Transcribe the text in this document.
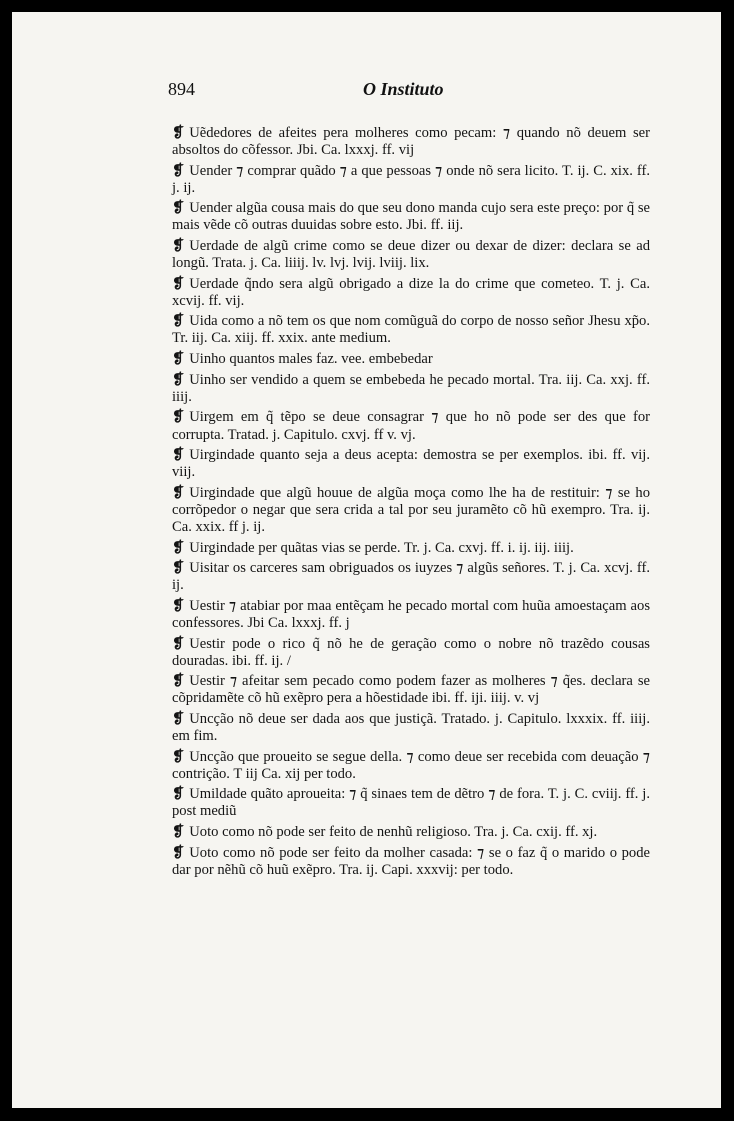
894	O Instituto

❡ Uẽdedores de afeites pera molheres como pecam: ⁊ quando nõ deuem ser absoltos do cõfessor. Jbi. Ca. lxxxj. ff. vij

❡ Uender ⁊ comprar quãdo ⁊ a que pessoas ⁊ onde nõ sera licito. T. ij. C. xix. ff. j. ij.

❡ Uender algũa cousa mais do que seu dono manda cujo sera este preço: por q̃ se mais vẽde cõ outras duuidas sobre esto. Jbi. ff. iij.

❡ Uerdade de algũ crime como se deue dizer ou dexar de dizer: declara se ad longũ. Trata. j. Ca. liiij. lv. lvj. lvij. lviij. lix.

❡ Uerdade q̃ndo sera algũ obrigado a dize la do crime que cometeo. T. j. Ca. xcvij. ff. vij.

❡ Uida como a nõ tem os que nom comũguã do corpo de nosso señor Jhesu xp̃o. Tr. iij. Ca. xiij. ff. xxix. ante medium.

❡ Uinho quantos males faz. vee. embebedar

❡ Uinho ser vendido a quem se embebeda he pecado mortal. Tra. iij. Ca. xxj. ff. iiij.

❡ Uirgem em q̃ tẽpo se deue consagrar ⁊ que ho nõ pode ser des que for corrupta. Tratad. j. Capitulo. cxvj. ff v. vj.

❡ Uirgindade quanto seja a deus acepta: demostra se per exemplos. ibi. ff. vij. viij.

❡ Uirgindade que algũ houue de algũa moça como lhe ha de restituir: ⁊ se ho corrõpedor o negar que sera crida a tal por seu juramẽto cõ hũ exempro. Tra. ij. Ca. xxix. ff j. ij.

❡ Uirgindade per quãtas vias se perde. Tr. j. Ca. cxvj. ff. i. ij. iij. iiij.

❡ Uisitar os carceres sam obriguados os iuyzes ⁊ algũs señores. T. j. Ca. xcvj. ff. ij.

❡ Uestir ⁊ atabiar por maa entẽçam he pecado mortal com huũa amoestaçam aos confessores. Jbi Ca. lxxxj. ff. j

❡ Uestir pode o rico q̃ nõ he de geração como o nobre nõ trazẽdo cousas douradas. ibi. ff. ij. /

❡ Uestir ⁊ afeitar sem pecado como podem fazer as molheres ⁊ q̃es. declara se cõpridamẽte cõ hũ exẽpro pera a hõestidade ibi. ff. iji. iiij. v. vj

❡ Uncção nõ deue ser dada aos que justiçã. Tratado. j. Capitulo. lxxxix. ff. iiij. em fim.

❡ Uncção que proueito se segue della. ⁊ como deue ser recebida com deuação ⁊ contrição. T iij Ca. xij per todo.

❡ Umildade quãto aproueita: ⁊ q̃ sinaes tem de dẽtro ⁊ de fora. T. j. C. cviij. ff. j. post mediũ

❡ Uoto como nõ pode ser feito de nenhũ religioso. Tra. j. Ca. cxij. ff. xj.

❡ Uoto como nõ pode ser feito da molher casada: ⁊ se o faz q̃ o marido o pode dar por nẽhũ cõ huũ exẽpro. Tra. ij. Capi. xxxvij: per todo.
